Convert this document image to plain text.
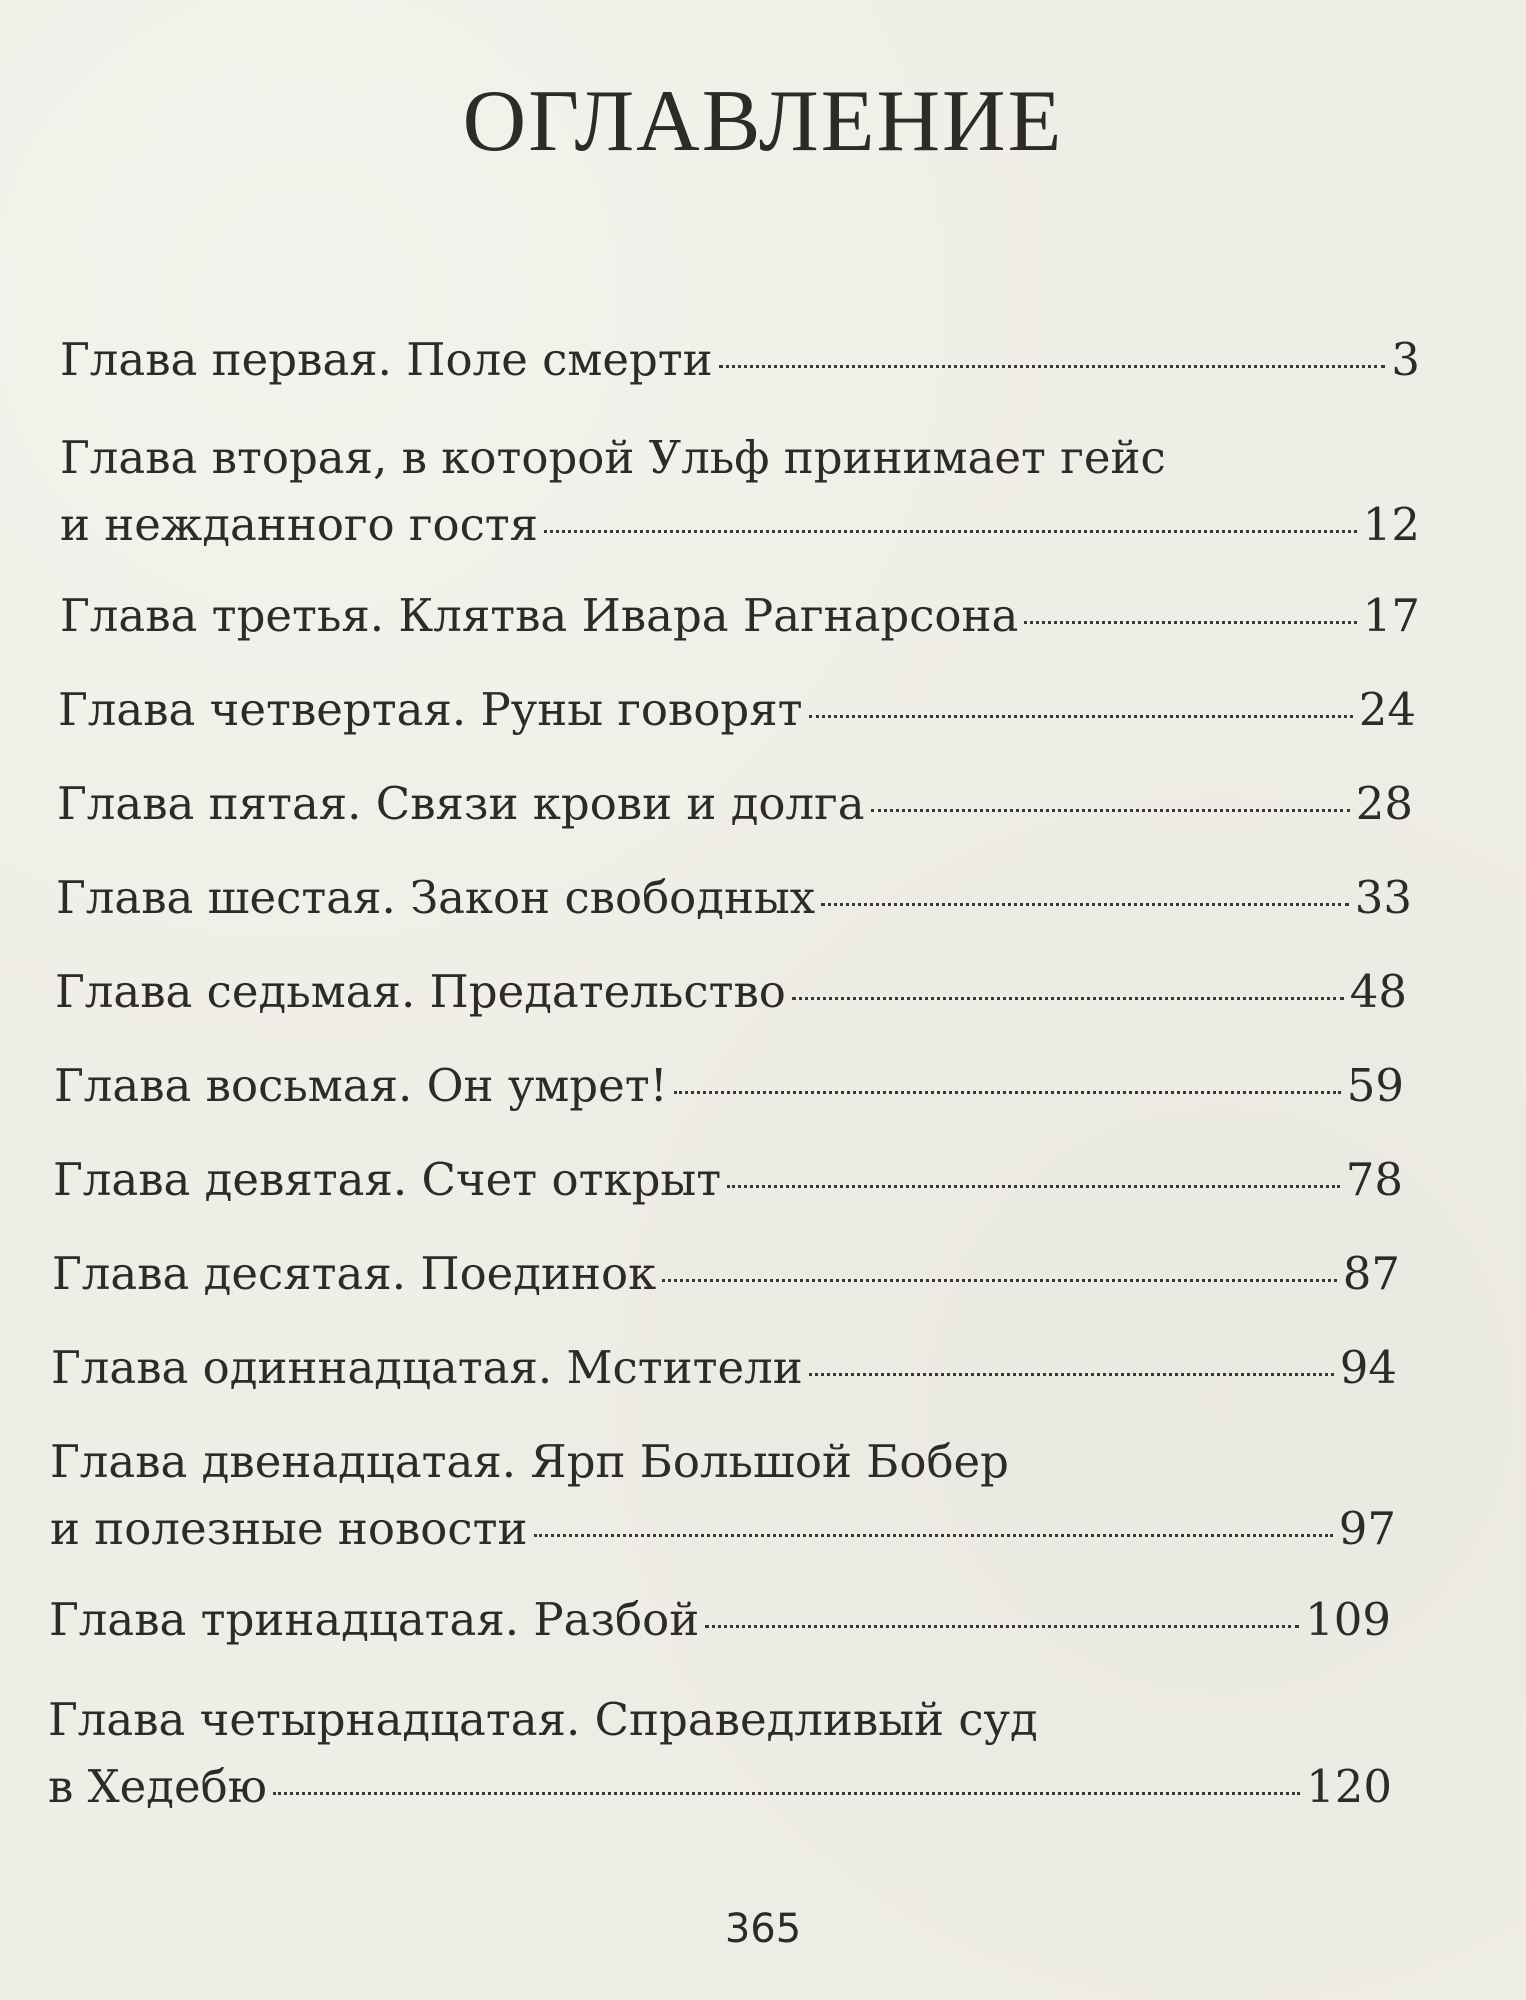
ОГЛАВЛЕНИЕ
Глава первая. Поле смерти	3
Глава вторая, в которой Ульф принимает гейс
и нежданного гостя	12
Глава третья. Клятва Ивара Рагнарсона	17
Глава четвертая. Руны говорят	24
Глава пятая. Связи крови и долга	28
Глава шестая. Закон свободных	33
Глава седьмая. Предательство	48
Глава восьмая. Он умрет!	59
Глава девятая. Счет открыт	78
Глава десятая. Поединок	87
Глава одиннадцатая. Мстители	94
Глава двенадцатая. Ярп Большой Бобер
и полезные новости	97
Глава тринадцатая. Разбой	109
Глава четырнадцатая. Справедливый суд
в Хедебю	120
365
